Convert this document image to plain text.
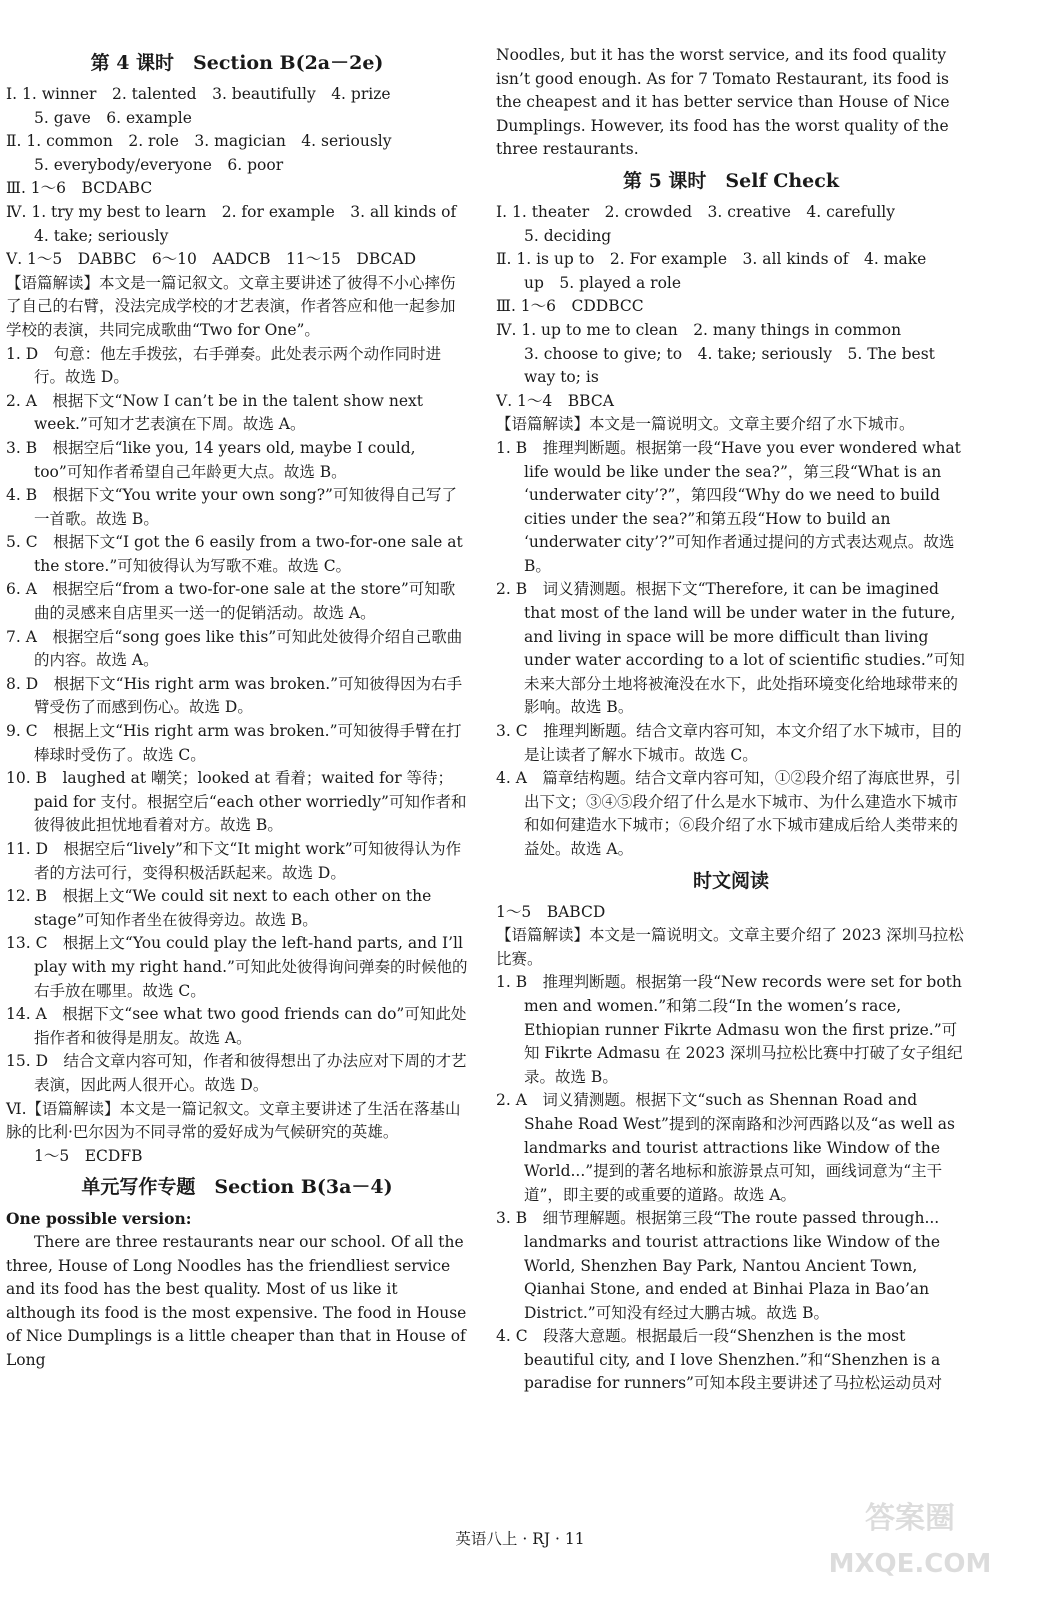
第 4 课时　Section B(2a－2e)
Ⅰ. 1. winner　2. talented　3. beautifully　4. prize
5. gave　6. example
Ⅱ. 1. common　2. role　3. magician　4. seriously
5. everybody/everyone　6. poor
Ⅲ. 1～6　BCDABC
Ⅳ. 1. try my best to learn　2. for example　3. all kinds of
4. take; seriously
Ⅴ. 1～5　DABBC　6～10　AADCB　11～15　DBCAD
【语篇解读】本文是一篇记叙文。文章主要讲述了彼得不小心摔伤了自己的右臂，没法完成学校的才艺表演，作者答应和他一起参加学校的表演，共同完成歌曲“Two for One”。
1. D　句意：他左手拨弦，右手弹奏。此处表示两个动作同时进行。故选 D。
2. A　根据下文“Now I can’t be in the talent show next week.”可知才艺表演在下周。故选 A。
3. B　根据空后“like you, 14 years old, maybe I could, too”可知作者希望自己年龄更大点。故选 B。
4. B　根据下文“You write your own song?”可知彼得自己写了一首歌。故选 B。
5. C　根据下文“I got the 6 easily from a two-for-one sale at the store.”可知彼得认为写歌不难。故选 C。
6. A　根据空后“from a two-for-one sale at the store”可知歌曲的灵感来自店里买一送一的促销活动。故选 A。
7. A　根据空后“song goes like this”可知此处彼得介绍自己歌曲的内容。故选 A。
8. D　根据下文“His right arm was broken.”可知彼得因为右手臂受伤了而感到伤心。故选 D。
9. C　根据上文“His right arm was broken.”可知彼得手臂在打棒球时受伤了。故选 C。
10. B　laughed at 嘲笑；looked at 看着；waited for 等待；paid for 支付。根据空后“each other worriedly”可知作者和彼得彼此担忧地看着对方。故选 B。
11. D　根据空后“lively”和下文“It might work”可知彼得认为作者的方法可行，变得积极活跃起来。故选 D。
12. B　根据上文“We could sit next to each other on the stage”可知作者坐在彼得旁边。故选 B。
13. C　根据上文“You could play the left-hand parts, and I’ll play with my right hand.”可知此处彼得询问弹奏的时候他的右手放在哪里。故选 C。
14. A　根据下文“see what two good friends can do”可知此处指作者和彼得是朋友。故选 A。
15. D　结合文章内容可知，作者和彼得想出了办法应对下周的才艺表演，因此两人很开心。故选 D。
Ⅵ.【语篇解读】本文是一篇记叙文。文章主要讲述了生活在落基山脉的比利·巴尔因为不同寻常的爱好成为气候研究的英雄。
1～5　ECDFB
单元写作专题　Section B(3a－4)
One possible version:
There are three restaurants near our school. Of all the three, House of Long Noodles has the friendliest service and its food has the best quality. Most of us like it although its food is the most expensive. The food in House of Nice Dumplings is a little cheaper than that in House of Long
Noodles, but it has the worst service, and its food quality isn’t good enough. As for 7 Tomato Restaurant, its food is the cheapest and it has better service than House of Nice Dumplings. However, its food has the worst quality of the three restaurants.
第 5 课时　Self Check
Ⅰ. 1. theater　2. crowded　3. creative　4. carefully
5. deciding
Ⅱ. 1. is up to　2. For example　3. all kinds of　4. make
up　5. played a role
Ⅲ. 1～6　CDDBCC
Ⅳ. 1. up to me to clean　2. many things in common
3. choose to give; to　4. take; seriously　5. The best
way to; is
Ⅴ. 1～4　BBCA
【语篇解读】本文是一篇说明文。文章主要介绍了水下城市。
1. B　推理判断题。根据第一段“Have you ever wondered what life would be like under the sea?”，第三段“What is an ‘underwater city’?”，第四段“Why do we need to build cities under the sea?”和第五段“How to build an ‘underwater city’?”可知作者通过提问的方式表达观点。故选 B。
2. B　词义猜测题。根据下文“Therefore, it can be imagined that most of the land will be under water in the future, and living in space will be more difficult than living under water according to a lot of scientific studies.”可知未来大部分土地将被淹没在水下，此处指环境变化给地球带来的影响。故选 B。
3. C　推理判断题。结合文章内容可知，本文介绍了水下城市，目的是让读者了解水下城市。故选 C。
4. A　篇章结构题。结合文章内容可知，①②段介绍了海底世界，引出下文；③④⑤段介绍了什么是水下城市、为什么建造水下城市和如何建造水下城市；⑥段介绍了水下城市建成后给人类带来的益处。故选 A。
时文阅读
1～5　BABCD
【语篇解读】本文是一篇说明文。文章主要介绍了 2023 深圳马拉松比赛。
1. B　推理判断题。根据第一段“New records were set for both men and women.”和第二段“In the women’s race, Ethiopian runner Fikrte Admasu won the first prize.”可知 Fikrte Admasu 在 2023 深圳马拉松比赛中打破了女子组纪录。故选 B。
2. A　词义猜测题。根据下文“such as Shennan Road and Shahe Road West”提到的深南路和沙河西路以及“as well as landmarks and tourist attractions like Window of the World...”提到的著名地标和旅游景点可知，画线词意为“主干道”，即主要的或重要的道路。故选 A。
3. B　细节理解题。根据第三段“The route passed through... landmarks and tourist attractions like Window of the World, Shenzhen Bay Park, Nantou Ancient Town, Qianhai Stone, and ended at Binhai Plaza in Bao’an District.”可知没有经过大鹏古城。故选 B。
4. C　段落大意题。根据最后一段“Shenzhen is the most beautiful city, and I love Shenzhen.”和“Shenzhen is a paradise for runners”可知本段主要讲述了马拉松运动员对
英语八上 · RJ · 11
答案圈
MXQE.COM
